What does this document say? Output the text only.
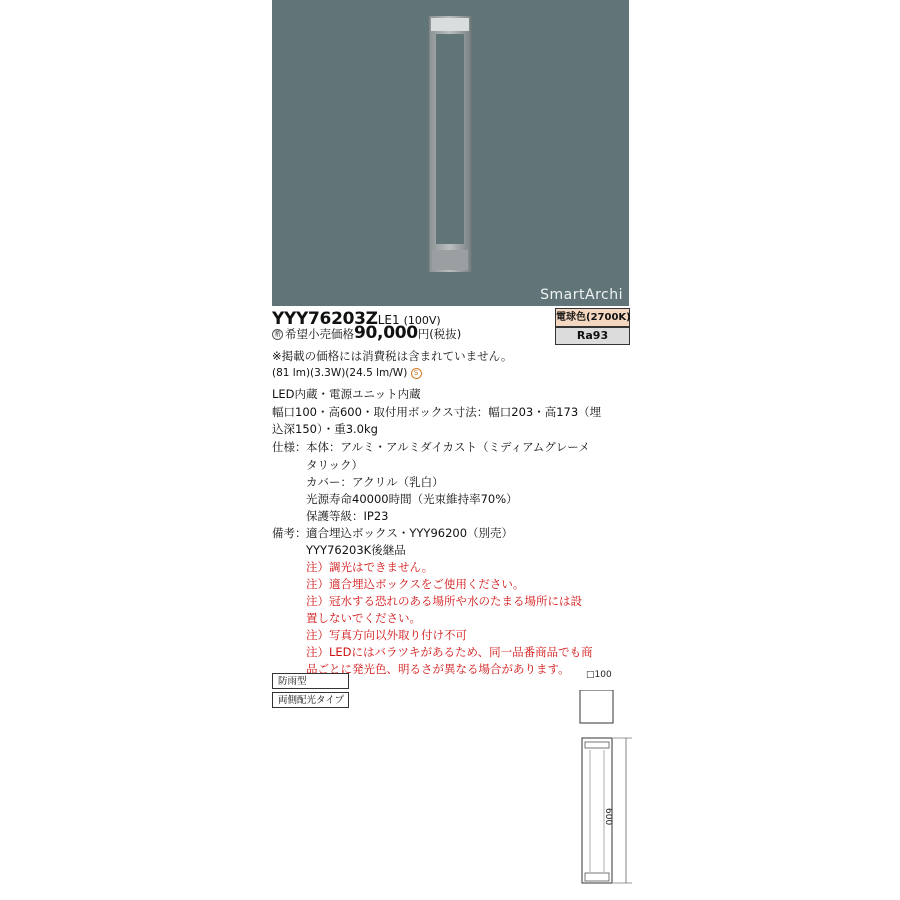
SmartArchi
YYY76203ZLE1 (100V)	電球色(2700K)
Ra93
希 希望小売価格90,000円(税抜)
※掲載の価格には消費税は含まれていません。
(81 lm)(3.3W)(24.5 lm/W) S
LED内蔵・電源ユニット内蔵
幅口100・高600・取付用ボックス寸法：幅口203・高173（埋
込深150）・重3.0kg
仕様： 本体：アルミ・アルミダイカスト（ミディアムグレーメ
タリック）
カバー：アクリル（乳白）
光源寿命40000時間（光束維持率70%）
保護等級：IP23
備考： 適合埋込ボックス・YYY96200（別売）
YYY76203K後継品
注）調光はできません。
注）適合埋込ボックスをご使用ください。
注）冠水する恐れのある場所や水のたまる場所には設
置しないでください。
注）写真方向以外取り付け不可
注）LEDにはバラツキがあるため、同一品番商品でも商
品ごとに発光色、明るさが異なる場合があります。
防雨型
両側配光タイプ
□100
600
